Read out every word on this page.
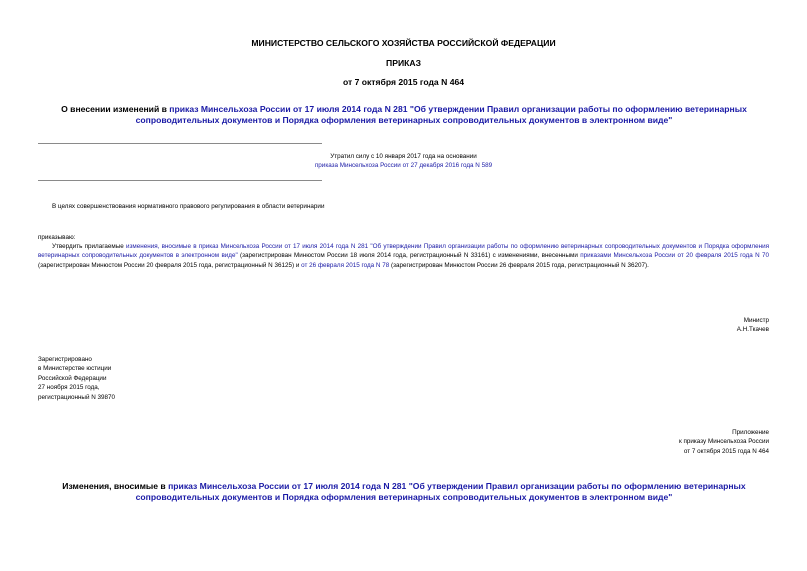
МИНИСТЕРСТВО СЕЛЬСКОГО ХОЗЯЙСТВА РОССИЙСКОЙ ФЕДЕРАЦИИ
ПРИКАЗ
от 7 октября 2015 года N 464
О внесении изменений в приказ Минсельхоза России от 17 июля 2014 года N 281 "Об утверждении Правил организации работы по оформлению ветеринарных сопроводительных документов и Порядка оформления ветеринарных сопроводительных документов в электронном виде"
Утратил силу с 10 января 2017 года на основании
приказа Минсельхоза России от 27 декабря 2016 года N 589
В целях совершенствования нормативного правового регулирования в области ветеринарии
приказываю:
Утвердить прилагаемые изменения, вносимые в приказ Минсельхоза России от 17 июля 2014 года N 281 "Об утверждении Правил организации работы по оформлению ветеринарных сопроводительных документов и Порядка оформления ветеринарных сопроводительных документов в электронном виде" (зарегистрирован Минюстом России 18 июля 2014 года, регистрационный N 33161) с изменениями, внесенными приказами Минсельхоза России от 20 февраля 2015 года N 70 (зарегистрирован Минюстом России 20 февраля 2015 года, регистрационный N 36125) и от 26 февраля 2015 года N 78 (зарегистрирован Минюстом России 26 февраля 2015 года, регистрационный N 36207).
Министр
А.Н.Ткачев
Зарегистрировано
в Министерстве юстиции
Российской Федерации
27 ноября 2015 года,
регистрационный N 39870
Приложение
к приказу Минсельхоза России
от 7 октября 2015 года N 464
Изменения, вносимые в приказ Минсельхоза России от 17 июля 2014 года N 281 "Об утверждении Правил организации работы по оформлению ветеринарных сопроводительных документов и Порядка оформления ветеринарных сопроводительных документов в электронном виде"
